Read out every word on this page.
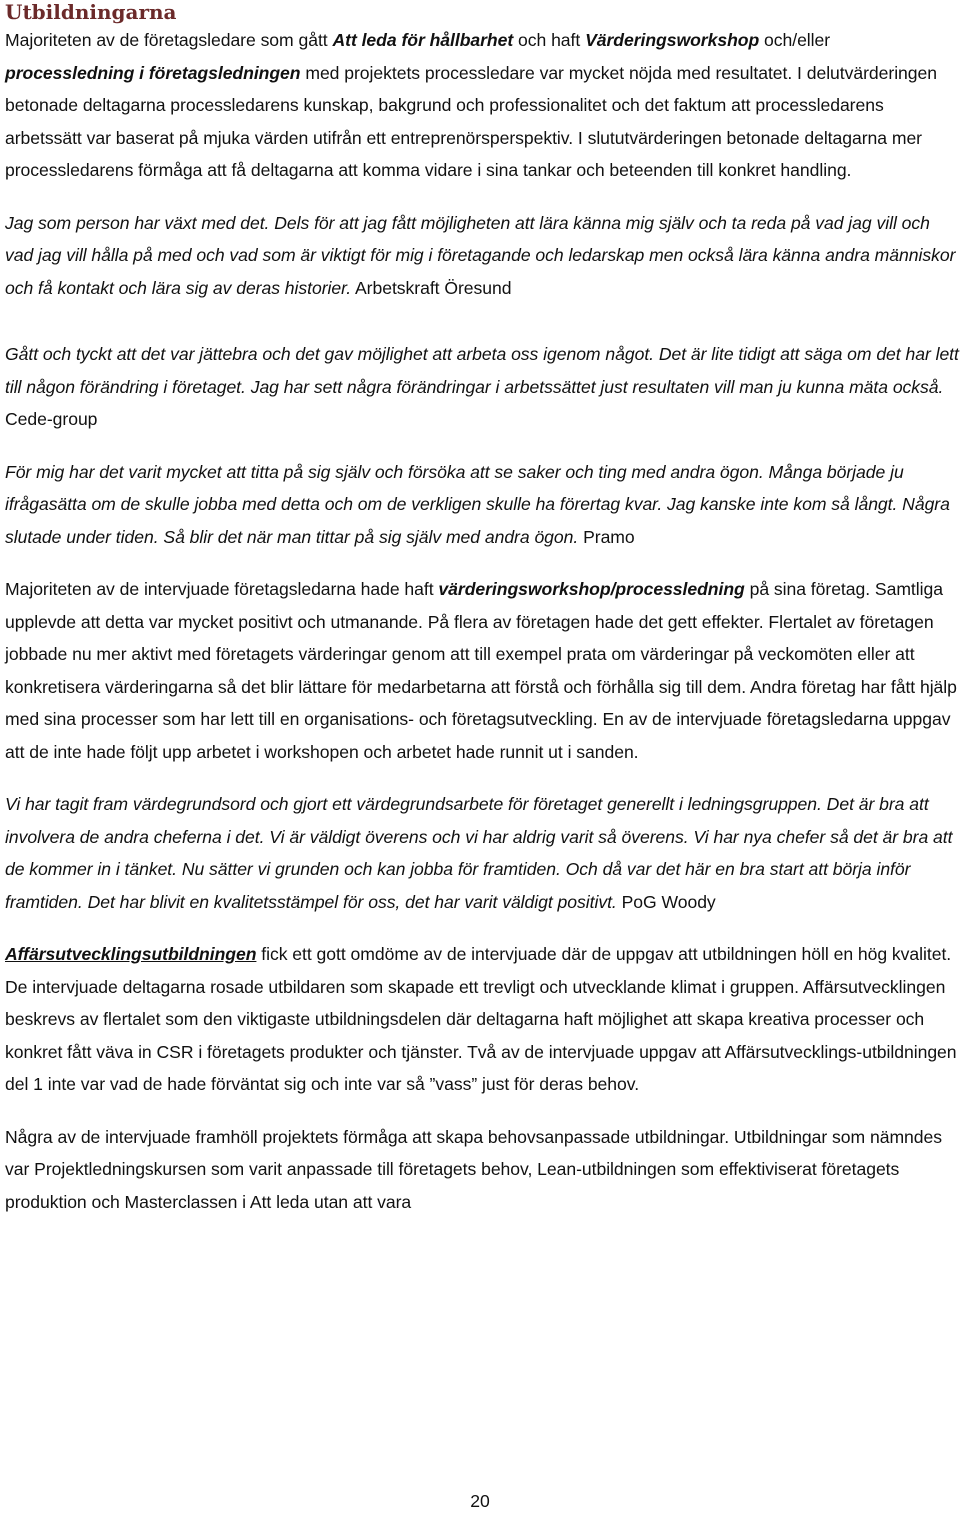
Utbildningarna

Majoriteten av de företagsledare som gått Att leda för hållbarhet och haft Värderingsworkshop och/eller processledning i företagsledningen med projektets processledare var mycket nöjda med resultatet. I delutvärderingen betonade deltagarna processledarens kunskap, bakgrund och professionalitet och det faktum att processledarens arbetssätt var baserat på mjuka värden utifrån ett entreprenörsperspektiv. I slututvärderingen betonade deltagarna mer processledarens förmåga att få deltagarna att komma vidare i sina tankar och beteenden till konkret handling.

Jag som person har växt med det. Dels för att jag fått möjligheten att lära känna mig själv och ta reda på vad jag vill och vad jag vill hålla på med och vad som är viktigt för mig i företagande och ledarskap men också lära känna andra människor och få kontakt och lära sig av deras historier. Arbetskraft Öresund

Gått och tyckt att det var jättebra och det gav möjlighet att arbeta oss igenom något. Det är lite tidigt att säga om det har lett till någon förändring i företaget. Jag har sett några förändringar i arbetssättet just resultaten vill man ju kunna mäta också. Cede-group

För mig har det varit mycket att titta på sig själv och försöka att se saker och ting med andra ögon. Många började ju ifrågasätta om de skulle jobba med detta och om de verkligen skulle ha förertag kvar. Jag kanske inte kom så långt. Några slutade under tiden. Så blir det när man tittar på sig själv med andra ögon. Pramo

Majoriteten av de intervjuade företagsledarna hade haft värderingsworkshop/processledning på sina företag. Samtliga upplevde att detta var mycket positivt och utmanande. På flera av företagen hade det gett effekter. Flertalet av företagen jobbade nu mer aktivt med företagets värderingar genom att till exempel prata om värderingar på veckomöten eller att konkretisera värderingarna så det blir lättare för medarbetarna att förstå och förhålla sig till dem. Andra företag har fått hjälp med sina processer som har lett till en organisations- och företagsutveckling. En av de intervjuade företagsledarna uppgav att de inte hade följt upp arbetet i workshopen och arbetet hade runnit ut i sanden.

Vi har tagit fram värdegrundsord och gjort ett värdegrundsarbete för företaget generellt i ledningsgruppen. Det är bra att involvera de andra cheferna i det. Vi är väldigt överens och vi har aldrig varit så överens. Vi har nya chefer så det är bra att de kommer in i tänket. Nu sätter vi grunden och kan jobba för framtiden. Och då var det här en bra start att börja inför framtiden. Det har blivit en kvalitetsstämpel för oss, det har varit väldigt positivt. PoG Woody

Affärsutvecklingsutbildningen fick ett gott omdöme av de intervjuade där de uppgav att utbildningen höll en hög kvalitet. De intervjuade deltagarna rosade utbildaren som skapade ett trevligt och utvecklande klimat i gruppen. Affärsutvecklingen beskrevs av flertalet som den viktigaste utbildningsdelen där deltagarna haft möjlighet att skapa kreativa processer och konkret fått väva in CSR i företagets produkter och tjänster. Två av de intervjuade uppgav att Affärsutvecklings-utbildningen del 1 inte var vad de hade förväntat sig och inte var så ”vass” just för deras behov.

Några av de intervjuade framhöll projektets förmåga att skapa behovsanpassade utbildningar. Utbildningar som nämndes var Projektledningskursen som varit anpassade till företagets behov, Lean-utbildningen som effektiviserat företagets produktion och Masterclassen i Att leda utan att vara

20
